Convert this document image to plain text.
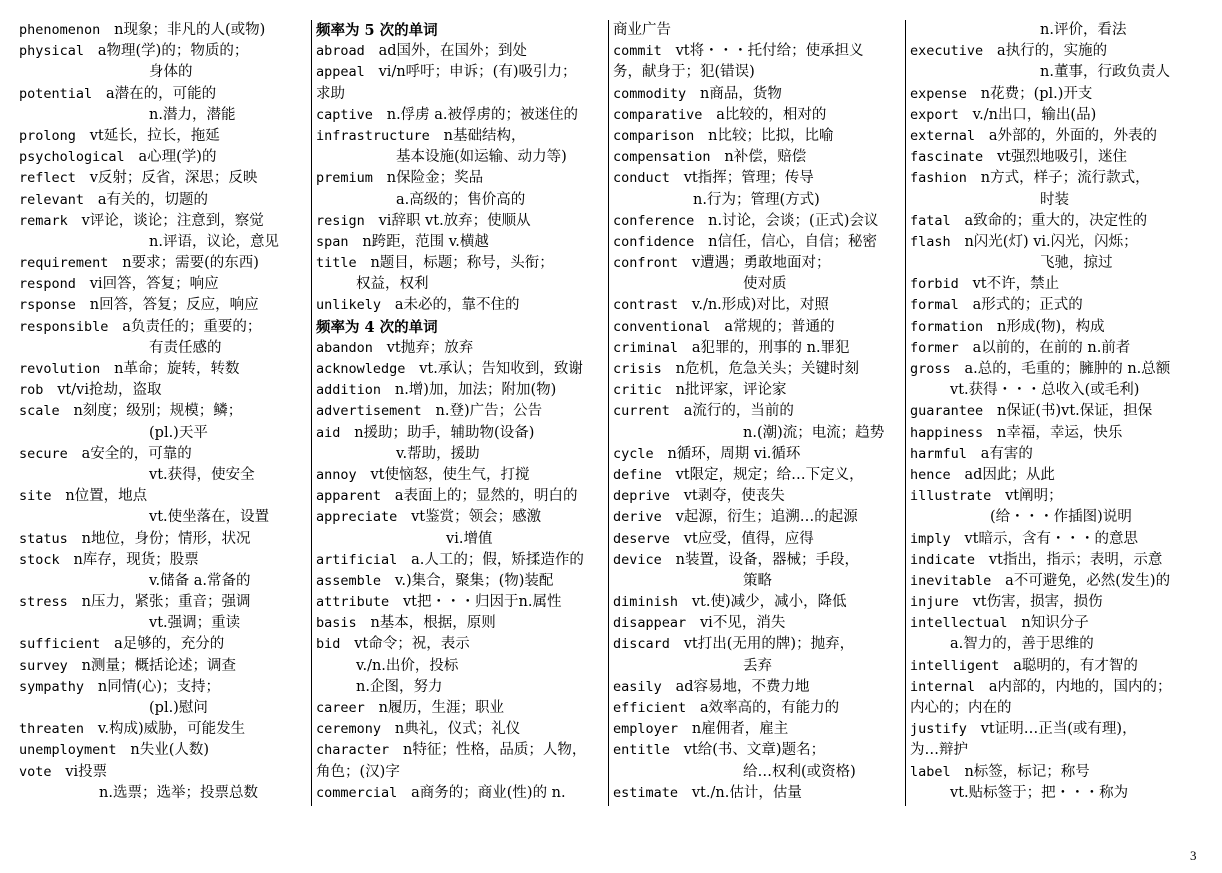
phenomenon n现象；非凡的人(或物)
physical a物理(学)的；物质的；
身体的
potential a潜在的，可能的
n.潜力，潜能
prolong vt延长，拉长，拖延
psychological a心理(学)的
reflect v反射；反省，深思；反映
relevant a有关的，切题的
remark v评论，谈论；注意到，察觉
n.评语，议论，意见
requirement n要求；需要(的东西)
respond vi回答，答复；响应
rsponse n回答，答复；反应，响应
responsible a负责任的；重要的；
有责任感的
revolution n革命；旋转，转数
rob vt/vi抢劫，盗取
scale n刻度；级别；规模；鳞；
(pl.)天平
secure a安全的，可靠的
vt.获得，使安全
site n位置，地点
vt.使坐落在，设置
status n地位，身份；情形，状况
stock n库存，现货；股票
v.储备 a.常备的
stress n压力，紧张；重音；强调
vt.强调；重读
sufficient a足够的，充分的
survey n测量；概括论述；调查
sympathy n同情(心)；支持；
(pl.)慰问
threaten v.构成)威胁，可能发生
unemployment n失业(人数)
vote vi投票
n.选票；选举；投票总数
频率为 5 次的单词
abroad ad国外，在国外；到处
appeal vi/n呼吁；申诉；(有)吸引力；
求助
captive n.俘虏 a.被俘虏的；被迷住的
infrastructure n基础结构，
基本设施(如运输、动力等)
premium n保险金；奖品
a.高级的；售价高的
resign vi辞职 vt.放弃；使顺从
span n跨距，范围 v.横越
title n题目，标题；称号，头衔；
权益，权利
unlikely a未必的，靠不住的
频率为 4 次的单词
abandon vt抛弃；放弃
acknowledge vt.承认；告知收到，致谢
addition n.增)加，加法；附加(物)
advertisement n.登)广告；公告
aid n援助；助手，辅助物(设备)
v.帮助，援助
annoy vt使恼怒，使生气，打搅
apparent a表面上的；显然的，明白的
appreciate vt鉴赏；领会；感激
vi.增值
artificial a.人工的；假，矫揉造作的
assemble v.)集合，聚集；(物)装配
attribute vt把・・・归因于n.属性
basis n基本，根据，原则
bid vt命令；祝，表示
v./n.出价，投标
n.企图，努力
career n履历，生涯；职业
ceremony n典礼，仪式；礼仪
character n特征；性格，品质；人物，
角色；(汉)字
commercial a商务的；商业(性)的 n.
商业广告
commit vt将・・・托付给；使承担义
务，献身于；犯(错误)
commodity n商品，货物
comparative a比较的，相对的
comparison n比较；比拟，比喻
compensation n补偿，赔偿
conduct vt指挥；管理；传导
n.行为；管理(方式)
conference n.讨论，会谈；(正式)会议
confidence n信任，信心，自信；秘密
confront v遭遇；勇敢地面对；
使对质
contrast v./n.形成)对比，对照
conventional a常规的；普通的
criminal a犯罪的，刑事的 n.罪犯
crisis n危机，危急关头；关键时刻
critic n批评家，评论家
current a流行的，当前的
n.(潮)流；电流；趋势
cycle n循环，周期 vi.循环
define vt限定，规定；给…下定义，
deprive vt剥夺，使丧失
derive v起源，衍生；追溯…的起源
deserve vt应受，值得，应得
device n装置，设备，器械；手段，
策略
diminish vt.使)减少，减小，降低
disappear vi不见，消失
discard vt打出(无用的牌)；抛弃，
丢弃
easily ad容易地，不费力地
efficient a效率高的，有能力的
employer n雇佣者，雇主
entitle vt给(书、文章)题名；
给…权利(或资格)
estimate vt./n.估计，估量
n.评价，看法
executive a执行的，实施的
n.董事，行政负责人
expense n花费；(pl.)开支
export v./n出口，输出(品)
external a外部的，外面的，外表的
fascinate vt强烈地吸引，迷住
fashion n方式，样子；流行款式，
时装
fatal a致命的；重大的，决定性的
flash n闪光(灯) vi.闪光，闪烁；
飞驰，掠过
forbid vt不许，禁止
formal a形式的；正式的
formation n形成(物)，构成
former a以前的，在前的 n.前者
gross a.总的，毛重的；臃肿的 n.总额
vt.获得・・・总收入(或毛利)
guarantee n保证(书)vt.保证，担保
happiness n幸福，幸运，快乐
harmful a有害的
hence ad因此；从此
illustrate vt阐明；
(给・・・作插图)说明
imply vt暗示，含有・・・的意思
indicate vt指出，指示；表明，示意
inevitable a不可避免，必然(发生)的
injure vt伤害，损害，损伤
intellectual n知识分子
a.智力的，善于思维的
intelligent a聪明的，有才智的
internal a内部的，内地的，国内的；
内心的；内在的
justify vt证明…正当(或有理)，
为…辩护
label n标签，标记；称号
vt.贴标签于；把・・・称为
3
